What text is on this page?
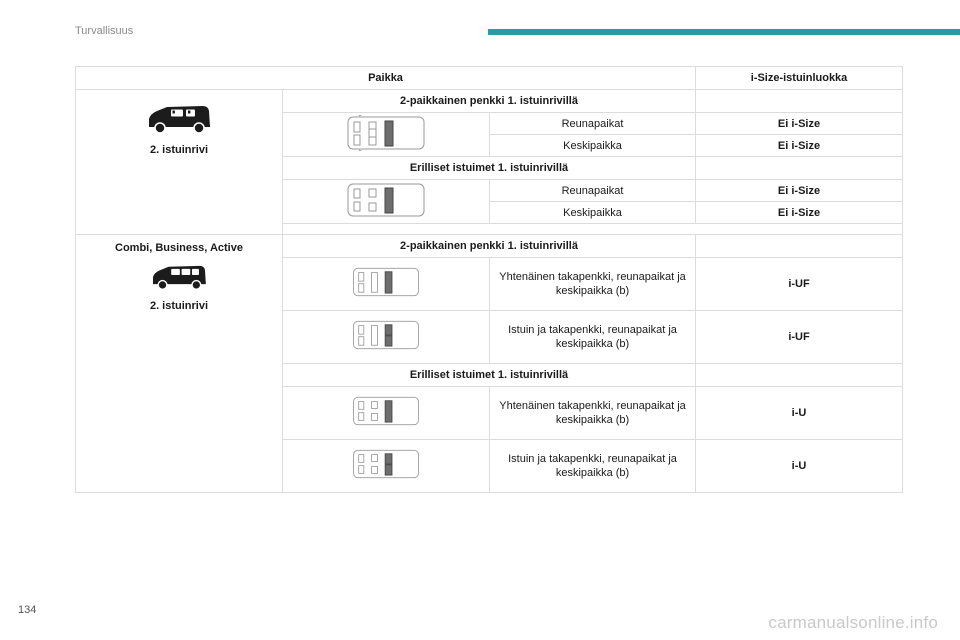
Turvallisuus
Paikka			i-Size-istuinluokka

2. istuinrivi	2-paikkainen penkki 1. istuinrivillä		
	Reunapaikat	Ei i-Size
		Keskipaikka	Ei i-Size
	Erilliset istuimet 1. istuinrivillä		
	Reunapaikat	Ei i-Size
		Keskipaikka	Ei i-Size

Combi, Business, Active
2. istuinrivi	2-paikkainen penkki 1. istuinrivillä		
	Yhtenäinen takapenkki, reunapaikat ja keskipaikka (b)	i-UF
	Istuin ja takapenkki, reunapaikat ja keskipaikka (b)	i-UF
	Erilliset istuimet 1. istuinrivillä		
	Yhtenäinen takapenkki, reunapaikat ja keskipaikka (b)	i-U
	Istuin ja takapenkki, reunapaikat ja keskipaikka (b)	i-U
134
carmanualsonline.info
